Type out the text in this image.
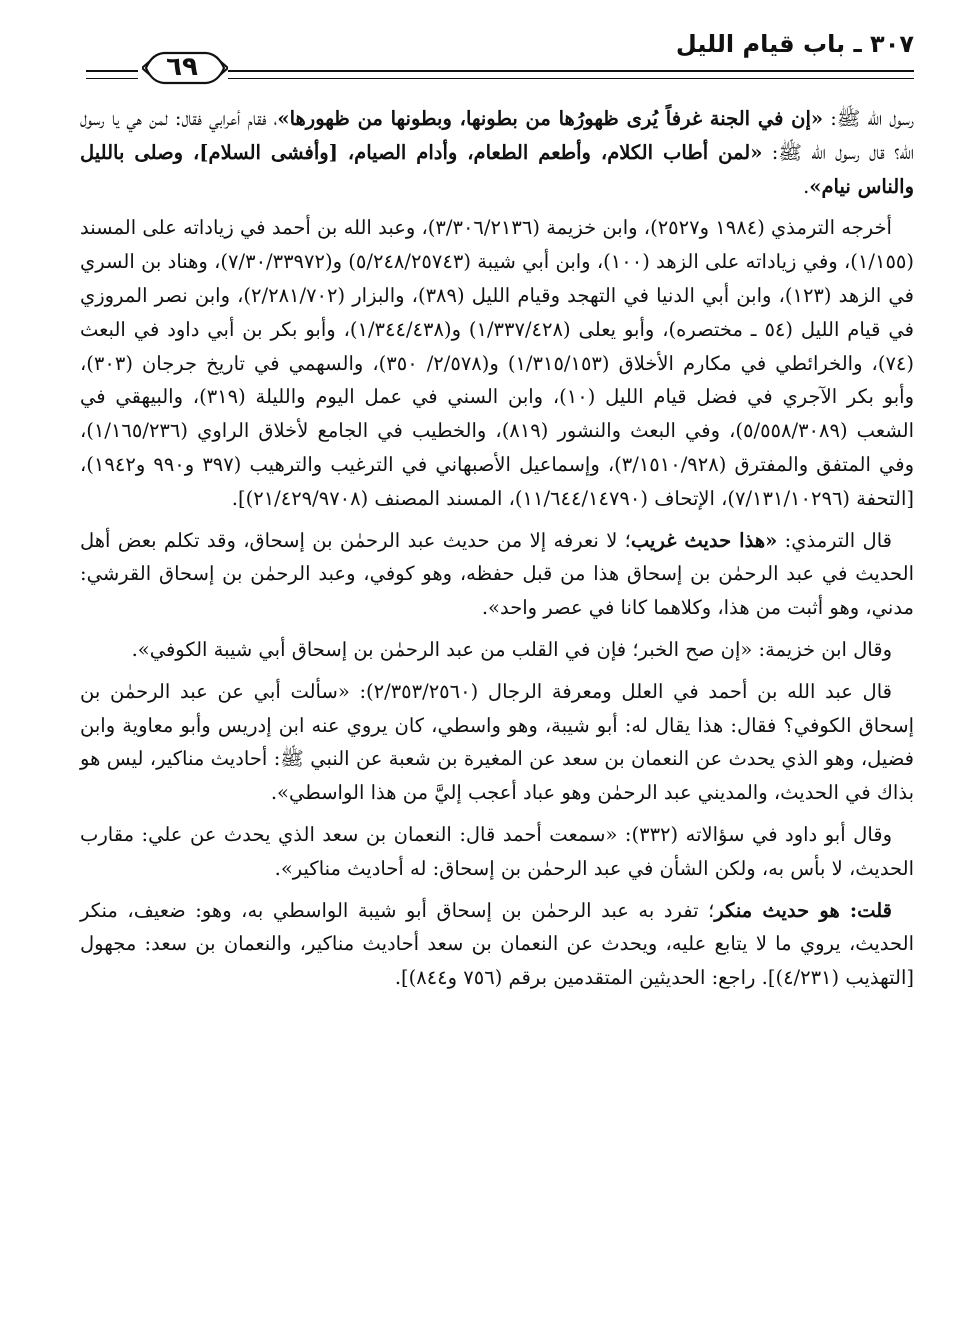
٣٠٧ ـ باب قيام الليل
٦٩

رسول الله ﷺ: «إن في الجنة غرفاً يُرى ظهورُها من بطونها، وبطونها من ظهورها»، فقام أعرابي فقال: لمن هي يا رسول الله؟ قال رسول الله ﷺ: «لمن أطاب الكلام، وأطعم الطعام، وأدام الصيام، [وأفشى السلام]، وصلى بالليل والناس نيام».

أخرجه الترمذي (١٩٨٤ و٢٥٢٧)، وابن خزيمة (٣/٣٠٦/٢١٣٦)، وعبد الله بن أحمد في زياداته على المسند (١/١٥٥)، وفي زياداته على الزهد (١٠٠)، وابن أبي شيبة (٥/٢٤٨/٢٥٧٤٣) و(٧/٣٠/٣٣٩٧٢)، وهناد بن السري في الزهد (١٢٣)، وابن أبي الدنيا في التهجد وقيام الليل (٣٨٩)، والبزار (٢/٢٨١/٧٠٢)، وابن نصر المروزي في قيام الليل (٥٤ ـ مختصره)، وأبو يعلى (١/٣٣٧/٤٢٨) و(١/٣٤٤/٤٣٨)، وأبو بكر بن أبي داود في البعث (٧٤)، والخرائطي في مكارم الأخلاق (١/٣١٥/١٥٣) و(٢/٥٧٨/ ٣٥٠)، والسهمي في تاريخ جرجان (٣٠٣)، وأبو بكر الآجري في فضل قيام الليل (١٠)، وابن السني في عمل اليوم والليلة (٣١٩)، والبيهقي في الشعب (٥/٥٥٨/٣٠٨٩)، وفي البعث والنشور (٨١٩)، والخطيب في الجامع لأخلاق الراوي (١/١٦٥/٢٣٦)، وفي المتفق والمفترق (٣/١٥١٠/٩٢٨)، وإسماعيل الأصبهاني في الترغيب والترهيب (٣٩٧ و٩٩٠ و١٩٤٢)، [التحفة (٧/١٣١/١٠٢٩٦)، الإتحاف (١١/٦٤٤/١٤٧٩٠)، المسند المصنف (٢١/٤٢٩/٩٧٠٨)].

قال الترمذي: «هذا حديث غريب؛ لا نعرفه إلا من حديث عبد الرحمٰن بن إسحاق، وقد تكلم بعض أهل الحديث في عبد الرحمٰن بن إسحاق هذا من قبل حفظه، وهو كوفي، وعبد الرحمٰن بن إسحاق القرشي: مدني، وهو أثبت من هذا، وكلاهما كانا في عصر واحد».

وقال ابن خزيمة: «إن صح الخبر؛ فإن في القلب من عبد الرحمٰن بن إسحاق أبي شيبة الكوفي».

قال عبد الله بن أحمد في العلل ومعرفة الرجال (٢/٣٥٣/٢٥٦٠): «سألت أبي عن عبد الرحمٰن بن إسحاق الكوفي؟ فقال: هذا يقال له: أبو شيبة، وهو واسطي، كان يروي عنه ابن إدريس وأبو معاوية وابن فضيل، وهو الذي يحدث عن النعمان بن سعد عن المغيرة بن شعبة عن النبي ﷺ: أحاديث مناكير، ليس هو بذاك في الحديث، والمديني عبد الرحمٰن وهو عباد أعجب إليَّ من هذا الواسطي».

وقال أبو داود في سؤالاته (٣٣٢): «سمعت أحمد قال: النعمان بن سعد الذي يحدث عن علي: مقارب الحديث، لا بأس به، ولكن الشأن في عبد الرحمٰن بن إسحاق: له أحاديث مناكير».

قلت: هو حديث منكر؛ تفرد به عبد الرحمٰن بن إسحاق أبو شيبة الواسطي به، وهو: ضعيف، منكر الحديث، يروي ما لا يتابع عليه، ويحدث عن النعمان بن سعد أحاديث مناكير، والنعمان بن سعد: مجهول [التهذيب (٤/٢٣١)]. راجع: الحديثين المتقدمين برقم (٧٥٦ و٨٤٤)].
